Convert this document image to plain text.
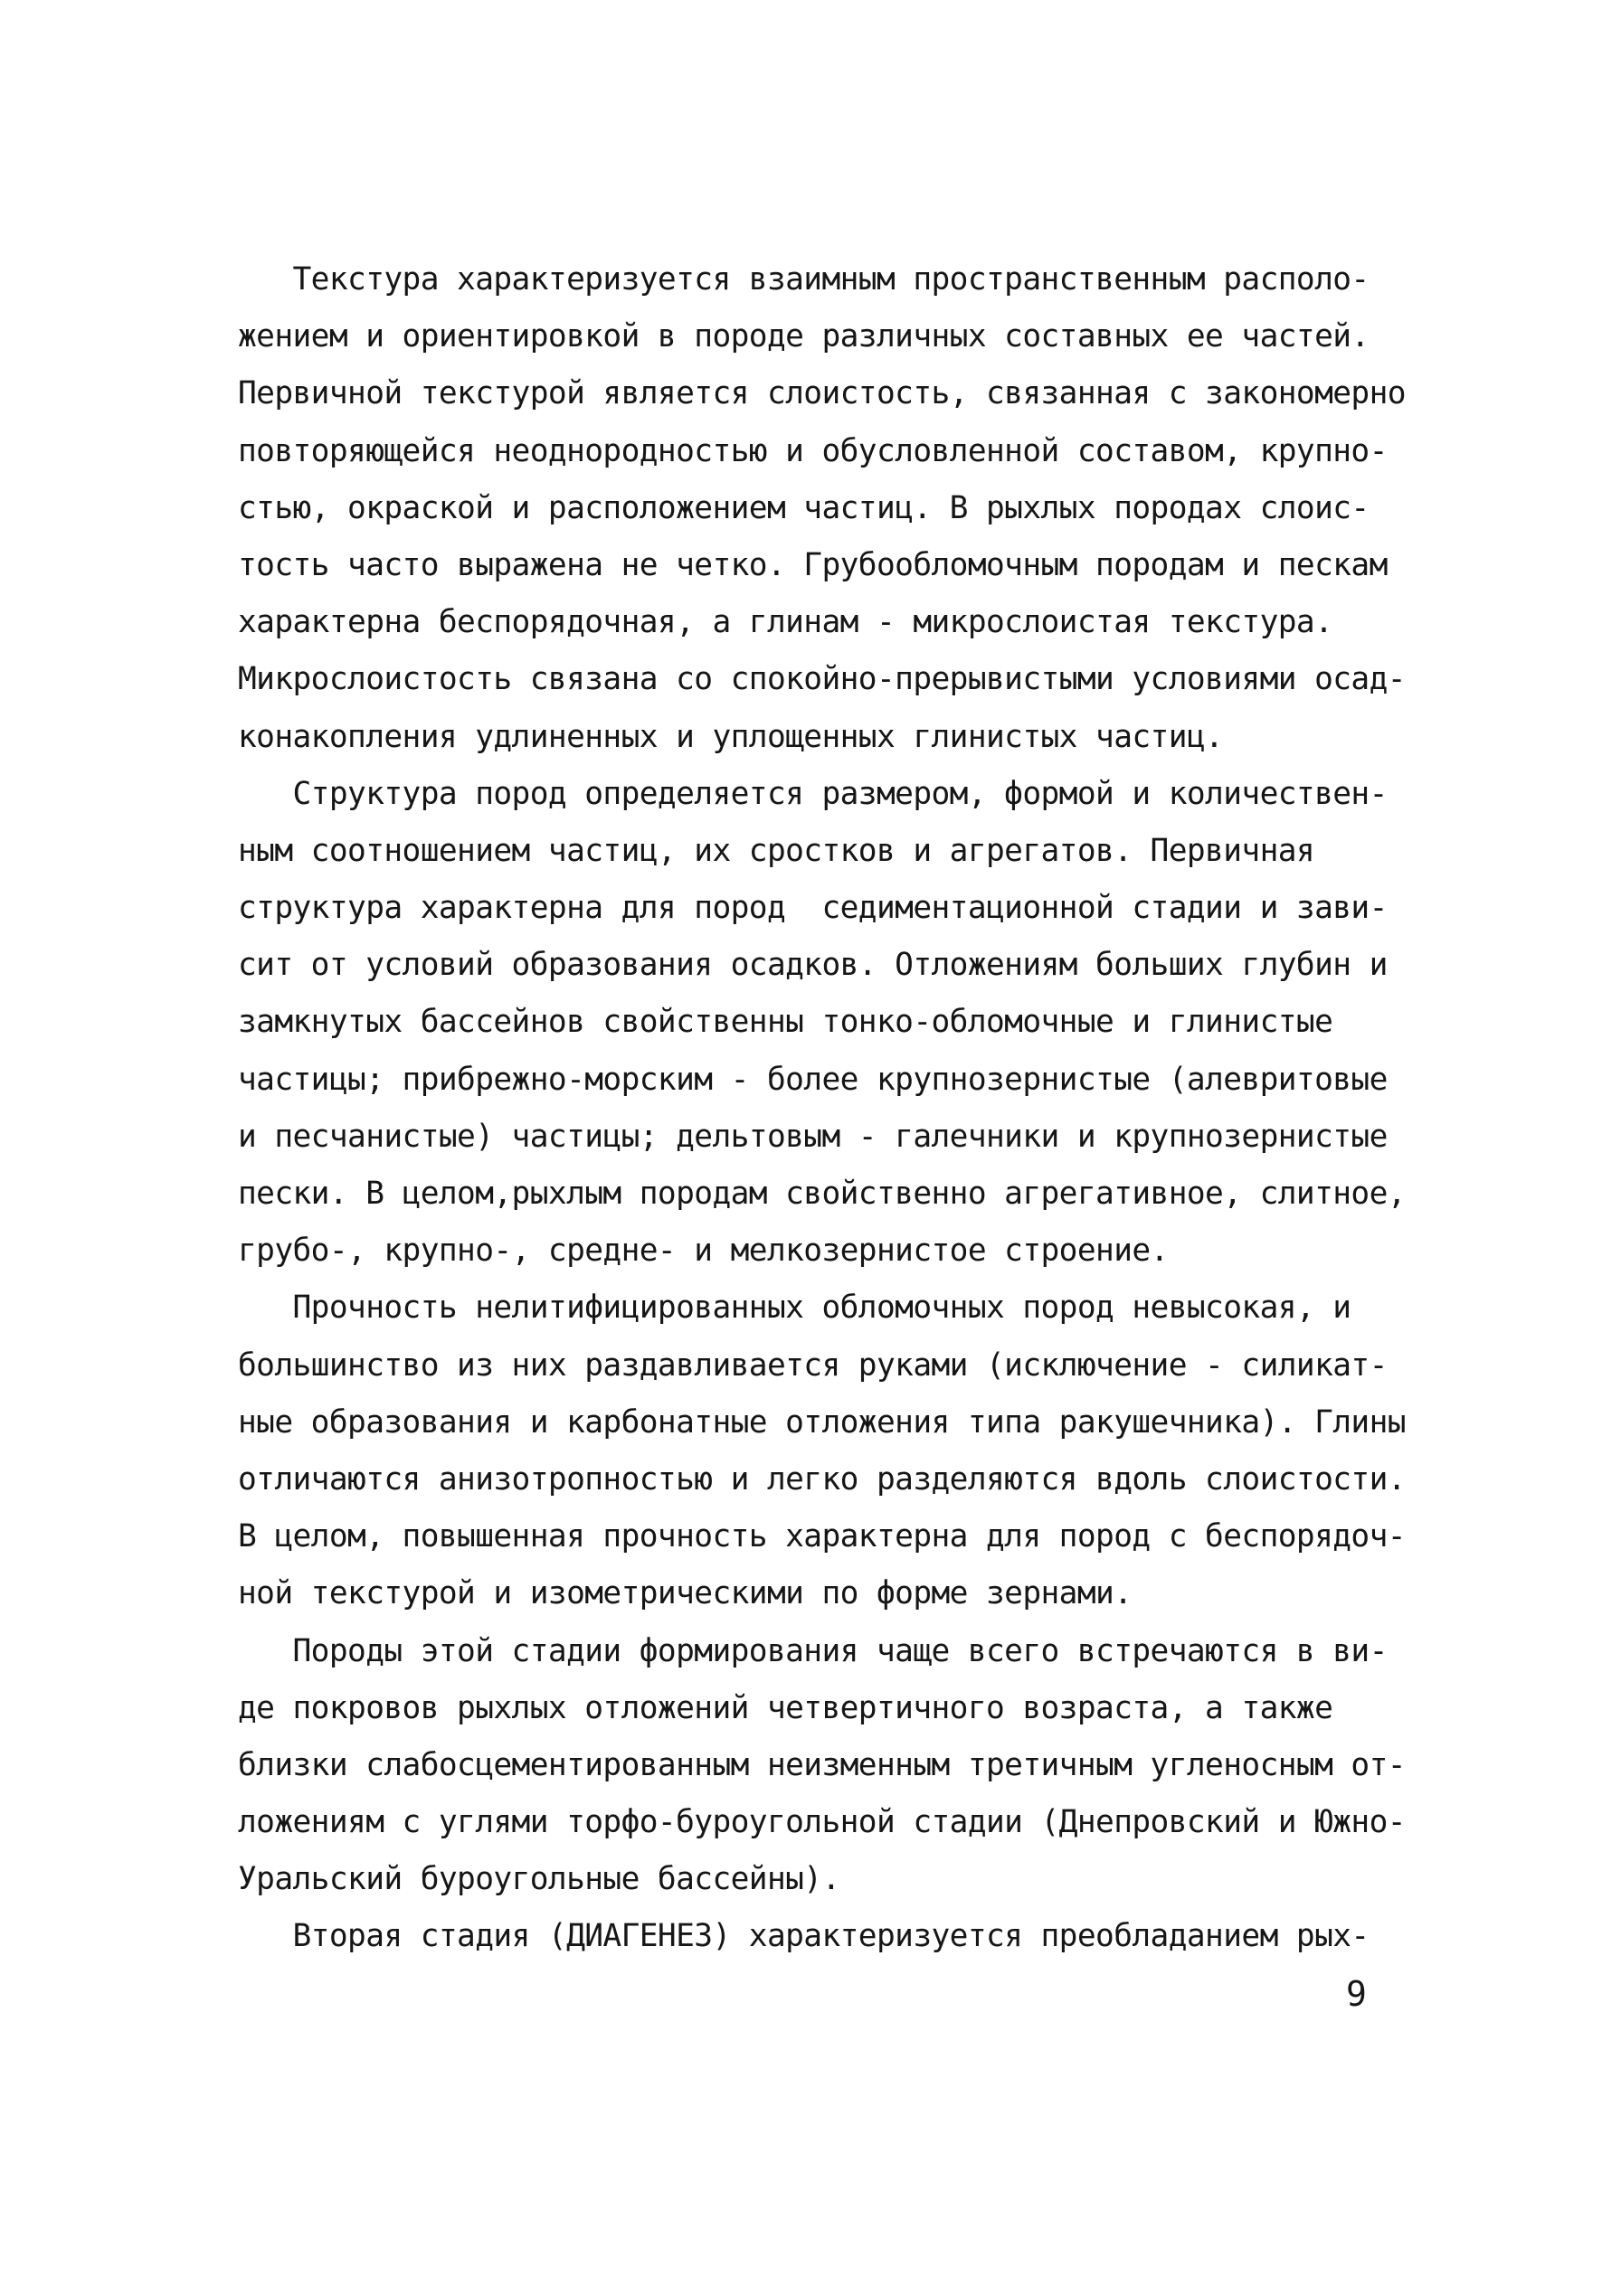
Текстура характеризуется взаимным пространственным располо-
жением и ориентировкой в породе различных составных ее частей.
Первичной текстурой является слоистость, связанная с закономерно
повторяющейся неоднородностью и обусловленной составом, крупно-
стью, окраской и расположением частиц. В рыхлых породах слоис-
тость часто выражена не четко. Грубообломочным породам и пескам
характерна беспорядочная, а глинам - микрослоистая текстура.
Микрослоистость связана со спокойно-прерывистыми условиями осад-
конакопления удлиненных и уплощенных глинистых частиц.
Структура пород определяется размером, формой и количествен-
ным соотношением частиц, их сростков и агрегатов. Первичная
структура характерна для пород  седиментационной стадии и зави-
сит от условий образования осадков. Отложениям больших глубин и
замкнутых бассейнов свойственны тонко-обломочные и глинистые
частицы; прибрежно-морским - более крупнозернистые (алевритовые
и песчанистые) частицы; дельтовым - галечники и крупнозернистые
пески. В целом,рыхлым породам свойственно агрегативное, слитное,
грубо-, крупно-, средне- и мелкозернистое строение.
Прочность нелитифицированных обломочных пород невысокая, и
большинство из них раздавливается руками (исключение - силикат-
ные образования и карбонатные отложения типа ракушечника). Глины
отличаются анизотропностью и легко разделяются вдоль слоистости.
В целом, повышенная прочность характерна для пород с беспорядоч-
ной текстурой и изометрическими по форме зернами.
Породы этой стадии формирования чаще всего встречаются в ви-
де покровов рыхлых отложений четвертичного возраста, а также
близки слабосцементированным неизменным третичным угленосным от-
ложениям с углями торфо-буроугольной стадии (Днепровский и Южно-
Уральский буроугольные бассейны).
Вторая стадия (ДИАГЕНЕЗ) характеризуется преобладанием рых-
9
